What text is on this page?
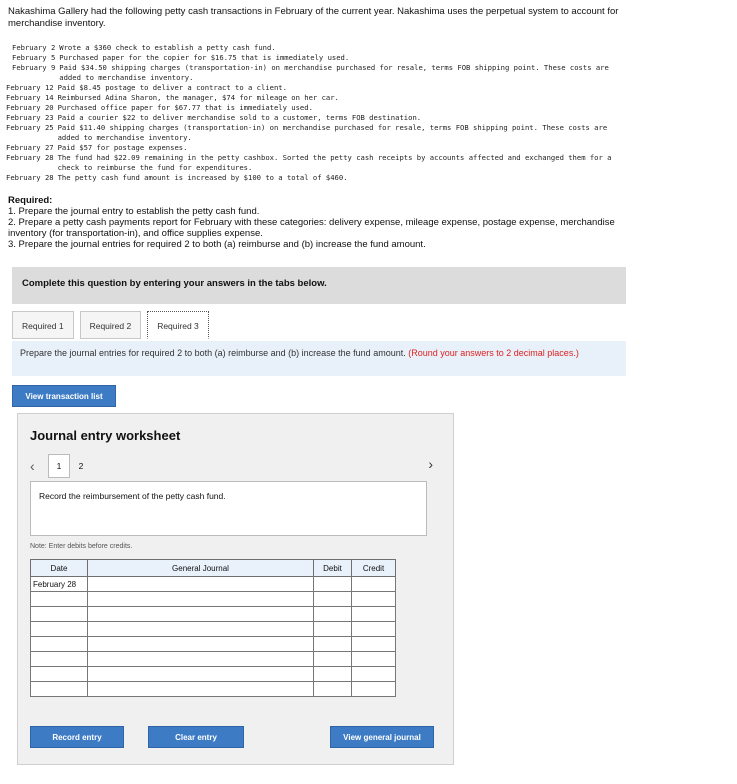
Nakashima Gallery had the following petty cash transactions in February of the current year. Nakashima uses the perpetual system to account for merchandise inventory.
February 2 Wrote a $360 check to establish a petty cash fund.
February 5 Purchased paper for the copier for $16.75 that is immediately used.
February 9 Paid $34.50 shipping charges (transportation-in) on merchandise purchased for resale, terms FOB shipping point. These costs are added to merchandise inventory.
February 12 Paid $8.45 postage to deliver a contract to a client.
February 14 Reimbursed Adina Sharon, the manager, $74 for mileage on her car.
February 20 Purchased office paper for $67.77 that is immediately used.
February 23 Paid a courier $22 to deliver merchandise sold to a customer, terms FOB destination.
February 25 Paid $11.40 shipping charges (transportation-in) on merchandise purchased for resale, terms FOB shipping point. These costs are added to merchandise inventory.
February 27 Paid $57 for postage expenses.
February 28 The fund had $22.09 remaining in the petty cashbox. Sorted the petty cash receipts by accounts affected and exchanged them for a check to reimburse the fund for expenditures.
February 28 The petty cash fund amount is increased by $100 to a total of $460.
Required:
1. Prepare the journal entry to establish the petty cash fund.
2. Prepare a petty cash payments report for February with these categories: delivery expense, mileage expense, postage expense, merchandise inventory (for transportation-in), and office supplies expense.
3. Prepare the journal entries for required 2 to both (a) reimburse and (b) increase the fund amount.
Complete this question by entering your answers in the tabs below.
Required 1	Required 2	Required 3
Prepare the journal entries for required 2 to both (a) reimburse and (b) increase the fund amount. (Round your answers to 2 decimal places.)
View transaction list
Journal entry worksheet
‹	1	2	›
Record the reimbursement of the petty cash fund.
Note: Enter debits before credits.
Date	General Journal	Debit	Credit
February 28			

Record entry	Clear entry	View general journal
